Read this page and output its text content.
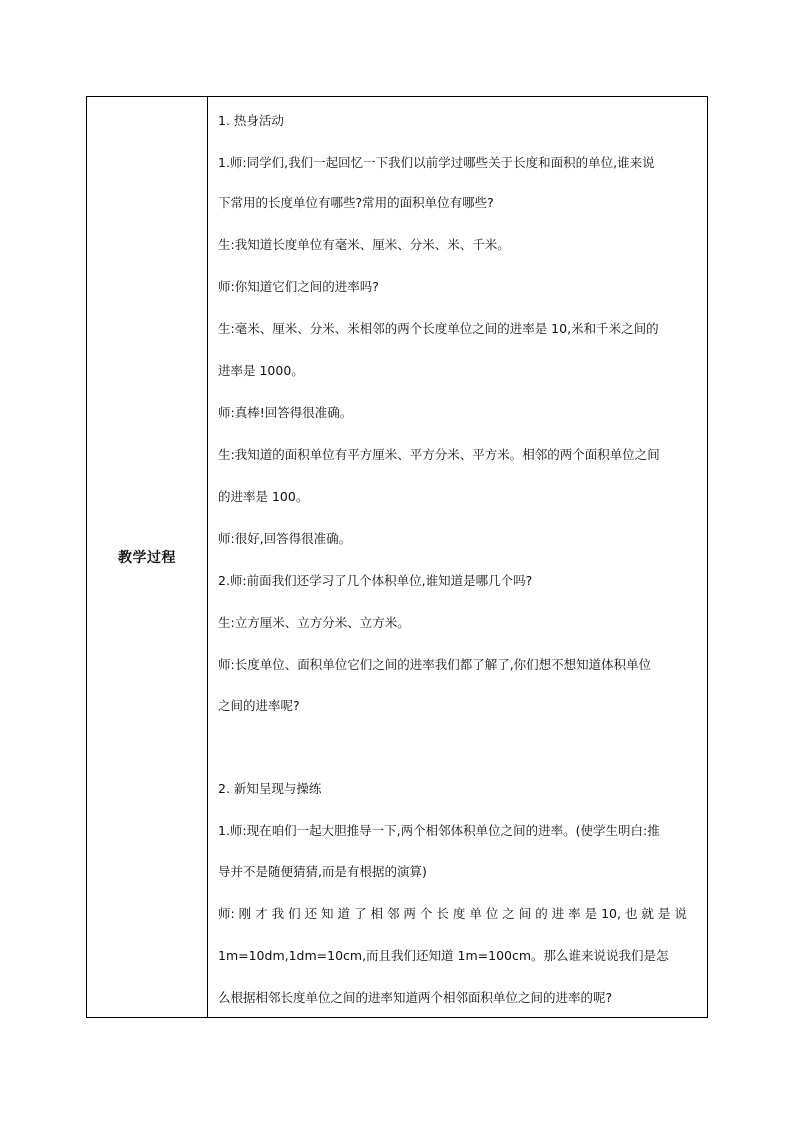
教学过程
1. 热身活动
1.师:同学们,我们一起回忆一下我们以前学过哪些关于长度和面积的单位,谁来说
下常用的长度单位有哪些?常用的面积单位有哪些?
生:我知道长度单位有毫米、厘米、分米、米、千米。
师:你知道它们之间的进率吗?
生:毫米、厘米、分米、米相邻的两个长度单位之间的进率是 10,米和千米之间的
进率是 1000。
师:真棒!回答得很准确。
生:我知道的面积单位有平方厘米、平方分米、平方米。相邻的两个面积单位之间
的进率是 100。
师:很好,回答得很准确。
2.师:前面我们还学习了几个体积单位,谁知道是哪几个吗?
生:立方厘米、立方分米、立方米。
师:长度单位、面积单位它们之间的进率我们都了解了,你们想不想知道体积单位
之间的进率呢?
2. 新知呈现与操练
1.师:现在咱们一起大胆推导一下,两个相邻体积单位之间的进率。(使学生明白:推
导并不是随便猜猜,而是有根据的演算)
师: 刚 才 我 们 还 知 道 了 相 邻 两 个 长 度 单 位 之 间 的 进 率 是 10, 也 就 是 说
1m=10dm,1dm=10cm,而且我们还知道 1m=100cm。那么谁来说说我们是怎
么根据相邻长度单位之间的进率知道两个相邻面积单位之间的进率的呢?
